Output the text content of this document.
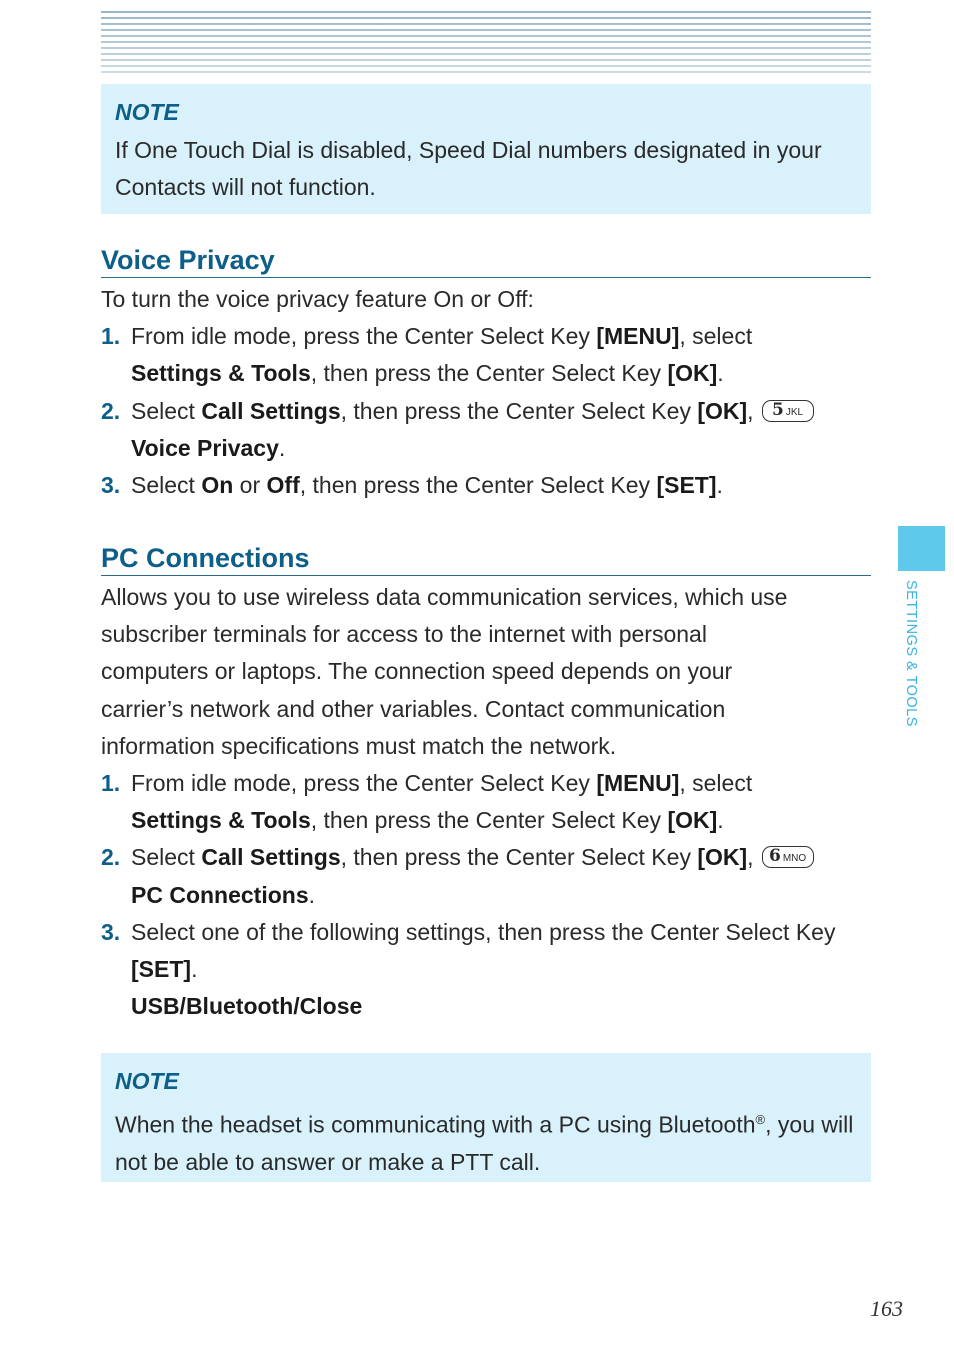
NOTE
If One Touch Dial is disabled, Speed Dial numbers designated in your Contacts will not function.
Voice Privacy
To turn the voice privacy feature On or Off:
1. From idle mode, press the Center Select Key [MENU], select
Settings & Tools, then press the Center Select Key [OK].
2. Select Call Settings, then press the Center Select Key [OK], 5 JKL
Voice Privacy.
3. Select On or Off, then press the Center Select Key [SET].
PC Connections
Allows you to use wireless data communication services, which use subscriber terminals for access to the internet with personal computers or laptops. The connection speed depends on your carrier’s network and other variables. Contact communication information specifications must match the network.
1. From idle mode, press the Center Select Key [MENU], select
Settings & Tools, then press the Center Select Key [OK].
2. Select Call Settings, then press the Center Select Key [OK], 6 MNO
PC Connections.
3. Select one of the following settings, then press the Center Select Key [SET].
USB/Bluetooth/Close
NOTE
When the headset is communicating with a PC using Bluetooth®, you will not be able to answer or make a PTT call.
SETTINGS & TOOLS
163
